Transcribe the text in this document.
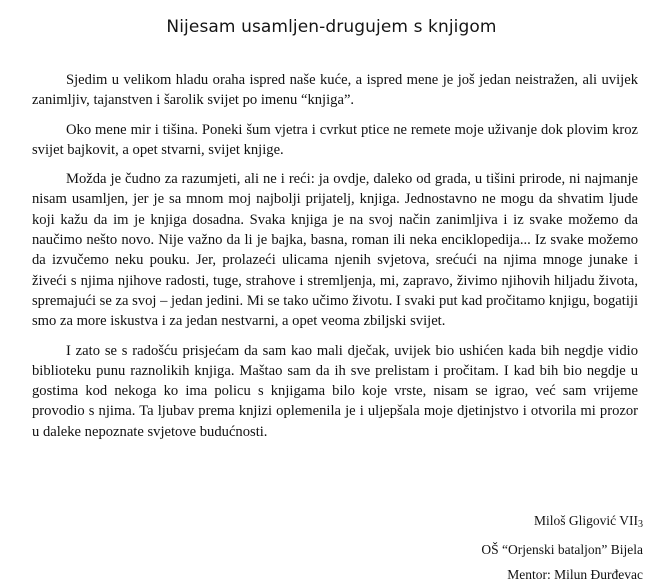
Nijesam usamljen-drugujem s knjigom

Sjedim u velikom hladu oraha ispred naše kuće, a ispred mene je još jedan neistražen, ali uvijek zanimljiv, tajanstven i šarolik svijet po imenu “knjiga”.

Oko mene mir i tišina. Poneki šum vjetra i cvrkut ptice ne remete moje uživanje dok plovim kroz svijet bajkovit, a opet stvarni, svijet knjige.

Možda je čudno za razumjeti, ali ne i reći: ja ovdje, daleko od grada, u tišini prirode, ni najmanje nisam usamljen, jer je sa mnom moj najbolji prijatelj, knjiga. Jednostavno ne mogu da shvatim ljude koji kažu da im je knjiga dosadna. Svaka knjiga je na svoj način zanimljiva i iz svake možemo da naučimo nešto novo. Nije važno da li je bajka, basna, roman ili neka enciklopedija... Iz svake možemo da izvučemo neku pouku. Jer, prolazeći ulicama njenih svjetova, srećući na njima mnoge junake i živeći s njima njihove radosti, tuge, strahove i stremljenja, mi, zapravo, živimo njihovih hiljadu života, spremajući se za svoj – jedan jedini. Mi se tako učimo životu. I svaki put kad pročitamo knjigu, bogatiji smo za more iskustva i za jedan nestvarni, a opet veoma zbiljski svijet.

I zato se s radošću prisjećam da sam kao mali dječak, uvijek bio ushićen kada bih negdje vidio biblioteku punu raznolikih knjiga. Maštao sam da ih sve prelistam i pročitam. I kad bih bio negdje u gostima kod nekoga ko ima policu s knjigama bilo koje vrste, nisam se igrao, već sam vrijeme provodio s njima. Ta ljubav prema knjizi oplemenila je i uljepšala moje djetinjstvo i otvorila mi prozor u daleke nepoznate svjetove budućnosti.

Miloš Gligović $VII_3$
OŠ “Orjenski bataljon” Bijela
Mentor: Milun Đurđevac
